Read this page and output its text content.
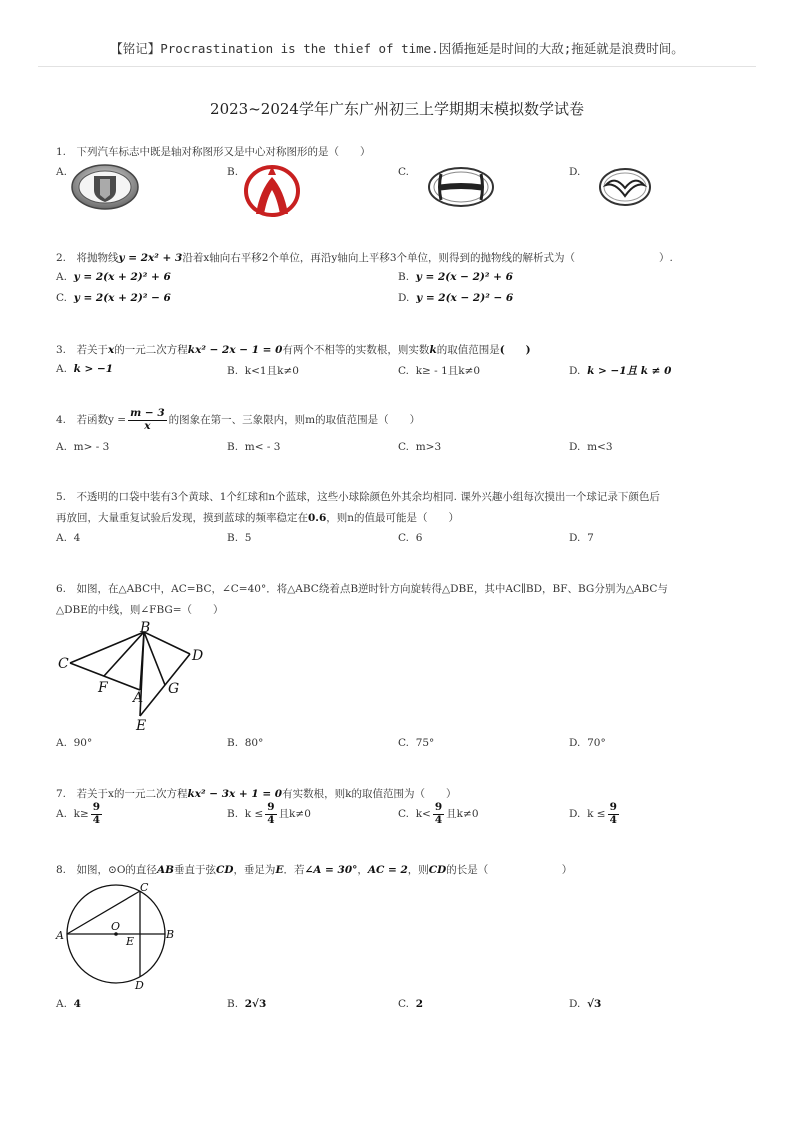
【铭记】Procrastination is the thief of time.因循拖延是时间的大敌;拖延就是浪费时间。
2023~2024学年广东广州初三上学期期末模拟数学试卷
1.　下列汽车标志中既是轴对称图形又是中心对称图形的是（　　）
A.	B.	C.	D.
2.　将抛物线y = 2x² + 3沿着x轴向右平移2个单位，再沿y轴向上平移3个单位，则得到的抛物线的解析式为（　　　　　　　　）.
A. y = 2(x + 2)² + 6	B. y = 2(x − 2)² + 6
C. y = 2(x + 2)² − 6	D. y = 2(x − 2)² − 6
3.　若关于x的一元二次方程kx² − 2x − 1 = 0有两个不相等的实数根，则实数k的取值范围是(　　)
A. k > −1	B. k<1且k≠0	C. k≥ - 1且k≠0	D. k > −1且 k ≠ 0
4.　若函数$y = \frac{m - 3}{x}$ 的图象在第一、三象限内，则m的取值范围是（　　）
A. m> - 3	B. m< - 3	C. m>3	D. m<3
5.　不透明的口袋中装有3个黄球、1个红球和n个蓝球，这些小球除颜色外其余均相同. 课外兴趣小组每次摸出一个球记录下颜色后
再放回，大量重复试验后发现，摸到蓝球的频率稳定在0.6，则n的值最可能是（　　）
A. 4	B. 5	C. 6	D. 7
6.　如图，在△ABC中，AC=BC，∠C=40°．将△ABC绕着点B逆时针方向旋转得△DBE，其中AC∥BD，BF、BG分别为△ABC与
△DBE的中线，则∠FBG=（　　）
B
C	D
F
A
G
E
A. 90°	B. 80°	C. 75°	D. 70°
7.　若关于x的一元二次方程kx² − 3x + 1 = 0有实数根，则k的取值范围为（　　）
A. $k\ge \frac{9}{4}$	B. $k \le \frac{9}{4}$ 且k≠0	C. $k< \frac{9}{4}$ 且k≠0	D. $k \le \frac{9}{4}$
8.　如图，⊙O的直径AB垂直于弦CD，垂足为E．若∠A = 30°，AC = 2，则CD的长是（　　　　　　　）
C
A
O
B
E
D
A. 4	B. 2√3	C. 2	D. √3
